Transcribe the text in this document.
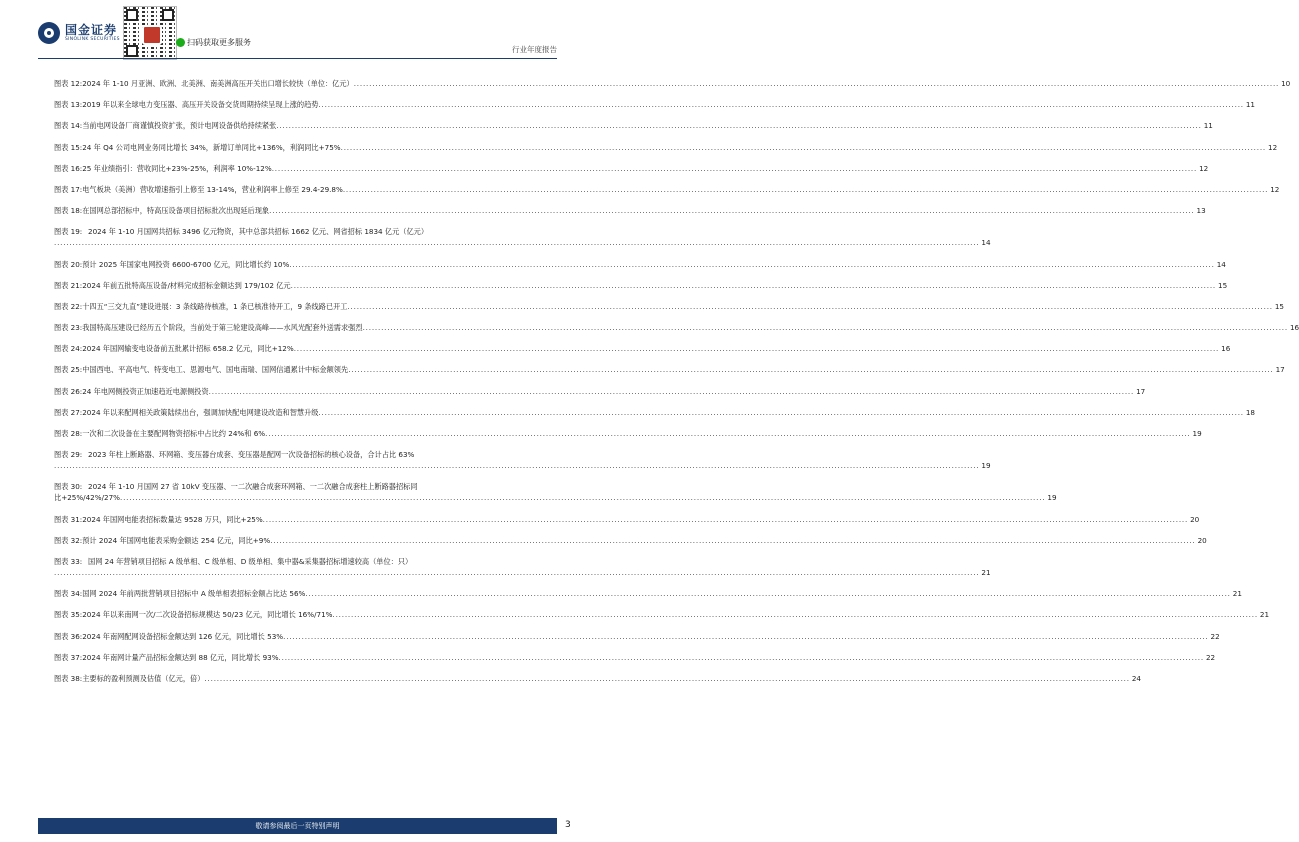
国金证券
SINOLINK SECURITIES	扫码获取更多服务
行业年度报告
图表 12: 2024 年 1-10 月亚洲、欧洲、北美洲、南美洲高压开关出口增长较快（单位：亿元） ............................................................................................................................................................................................................................................................................................................ 10
图表 13: 2019 年以来全球电力变压器、高压开关设备交货周期持续呈现上涨的趋势 ............................................................................................................................................................................................................................................................................................................ 11
图表 14: 当前电网设备厂商谨慎投资扩张，预计电网设备供给持续紧张 ............................................................................................................................................................................................................................................................................................................ 11
图表 15: 24 年 Q4 公司电网业务同比增长 34%，新增订单同比+136%，利润同比+75% ............................................................................................................................................................................................................................................................................................................ 12
图表 16: 25 年业绩指引：营收同比+23%-25%，利润率 10%-12% ............................................................................................................................................................................................................................................................................................................ 12
图表 17: 电气板块（美洲）营收增速指引上修至 13-14%，营业利润率上修至 29.4-29.8% ............................................................................................................................................................................................................................................................................................................ 12
图表 18: 在国网总部招标中，特高压设备项目招标批次出现延后现象 ............................................................................................................................................................................................................................................................................................................ 13
图表 19: 2024 年 1-10 月国网共招标 3496 亿元物资，其中总部共招标 1662 亿元、网省招标 1834 亿元（亿元）
............................................................................................................................................................................................................................................................................................................ 14
图表 20: 预计 2025 年国家电网投资 6600-6700 亿元，同比增长约 10% ............................................................................................................................................................................................................................................................................................................ 14
图表 21: 2024 年前五批特高压设备/材料完成招标金额达到 179/102 亿元 ............................................................................................................................................................................................................................................................................................................ 15
图表 22: 十四五“三交九直”建设进展：3 条线路待核准，1 条已核准待开工，9 条线路已开工 ............................................................................................................................................................................................................................................................................................................ 15
图表 23: 我国特高压建设已经历五个阶段，当前处于第三轮建设高峰——水风光配套外送需求强烈 ............................................................................................................................................................................................................................................................................................................ 16
图表 24: 2024 年国网输变电设备前五批累计招标 658.2 亿元，同比+12% ............................................................................................................................................................................................................................................................................................................ 16
图表 25: 中国西电、平高电气、特变电工、思源电气、国电南瑞、国网信通累计中标金额领先 ............................................................................................................................................................................................................................................................................................................ 17
图表 26: 24 年电网侧投资正加速趋近电源侧投资 ............................................................................................................................................................................................................................................................................................................ 17
图表 27: 2024 年以来配网相关政策陆续出台，强调加快配电网建设改造和智慧升级 ............................................................................................................................................................................................................................................................................................................ 18
图表 28: 一次和二次设备在主要配网物资招标中占比约 24%和 6% ............................................................................................................................................................................................................................................................................................................ 19
图表 29: 2023 年柱上断路器、环网箱、变压器台成套、变压器是配网一次设备招标的核心设备，合计占比 63%
............................................................................................................................................................................................................................................................................................................ 19
图表 30: 2024 年 1-10 月国网 27 省 10kV 变压器、一二次融合成套环网箱、一二次融合成套柱上断路器招标同
比+25%/42%/27% ............................................................................................................................................................................................................................................................................................................ 19
图表 31: 2024 年国网电能表招标数量达 9528 万只，同比+25% ............................................................................................................................................................................................................................................................................................................ 20
图表 32: 预计 2024 年国网电能表采购金额达 254 亿元，同比+9% ............................................................................................................................................................................................................................................................................................................ 20
图表 33: 国网 24 年营销项目招标 A 级单相、C 级单相、D 级单相、集中器&采集器招标增速较高（单位：只）
............................................................................................................................................................................................................................................................................................................ 21
图表 34: 国网 2024 年前两批营销项目招标中 A 级单相表招标金额占比达 56% ............................................................................................................................................................................................................................................................................................................ 21
图表 35: 2024 年以来南网一次/二次设备招标规模达 50/23 亿元，同比增长 16%/71% ............................................................................................................................................................................................................................................................................................................ 21
图表 36: 2024 年南网配网设备招标金额达到 126 亿元，同比增长 53% ............................................................................................................................................................................................................................................................................................................ 22
图表 37: 2024 年南网计量产品招标金额达到 88 亿元，同比增长 93% ............................................................................................................................................................................................................................................................................................................ 22
图表 38: 主要标的盈利预测及估值（亿元，倍） ............................................................................................................................................................................................................................................................................................................ 24
敬请参阅最后一页特别声明	3
